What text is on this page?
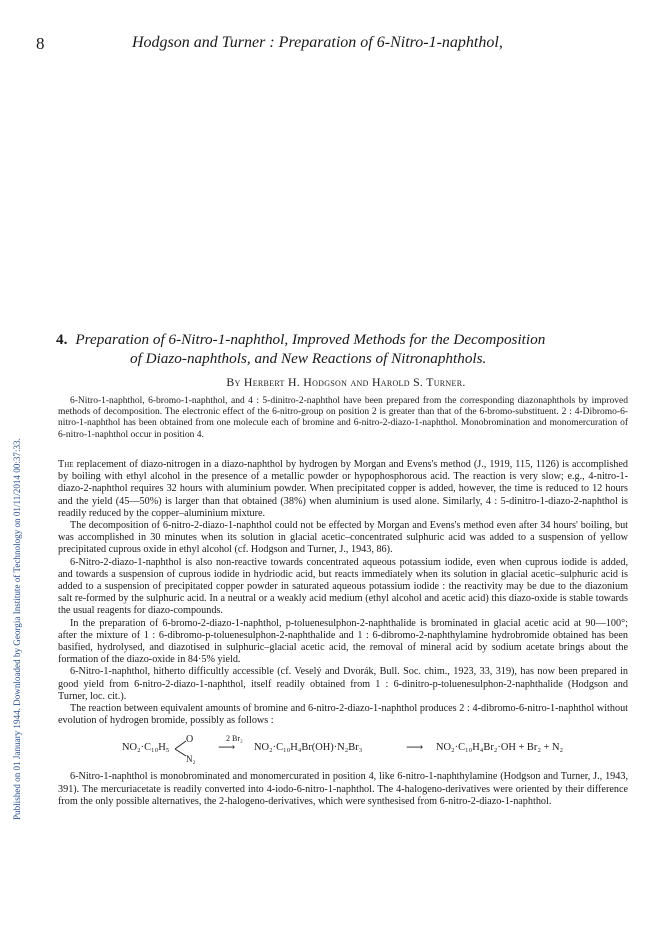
8	Hodgson and Turner : Preparation of 6-Nitro-1-naphthol,
Published on 01 January 1944. Downloaded by Georgia Institute of Technology on 01/11/2014 00:37:33.
4. Preparation of 6-Nitro-1-naphthol, Improved Methods for the Decomposition
of Diazo-naphthols, and New Reactions of Nitronaphthols.
By Herbert H. Hodgson and Harold S. Turner.

6-Nitro-1-naphthol, 6-bromo-1-naphthol, and 4 : 5-dinitro-2-naphthol have been prepared from the corresponding diazonaphthols by improved methods of decomposition. The electronic effect of the 6-nitro-group on position 2 is greater than that of the 6-bromo-substituent. 2 : 4-Dibromo-6-nitro-1-naphthol has been obtained from one molecule each of bromine and 6-nitro-2-diazo-1-naphthol. Monobromination and monomercuration of 6-nitro-1-naphthol occur in position 4.

The replacement of diazo-nitrogen in a diazo-naphthol by hydrogen by Morgan and Evens's method (J., 1919, 115, 1126) is accomplished by boiling with ethyl alcohol in the presence of a metallic powder or hypophosphorous acid. The reaction is very slow; e.g., 4-nitro-1-diazo-2-naphthol requires 32 hours with aluminium powder. When precipitated copper is added, however, the time is reduced to 12 hours and the yield (45—50%) is larger than that obtained (38%) when aluminium is used alone. Similarly, 4 : 5-dinitro-1-diazo-2-naphthol is readily reduced by the copper–aluminium mixture.

The decomposition of 6-nitro-2-diazo-1-naphthol could not be effected by Morgan and Evens's method even after 34 hours' boiling, but was accomplished in 30 minutes when its solution in glacial acetic–concentrated sulphuric acid was added to a suspension of yellow precipitated cuprous oxide in ethyl alcohol (cf. Hodgson and Turner, J., 1943, 86).

6-Nitro-2-diazo-1-naphthol is also non-reactive towards concentrated aqueous potassium iodide, even when cuprous iodide is added, and towards a suspension of cuprous iodide in hydriodic acid, but reacts immediately when its solution in glacial acetic–sulphuric acid is added to a suspension of precipitated copper powder in saturated aqueous potassium iodide : the reactivity may be due to the diazonium salt re-formed by the sulphuric acid. In a neutral or a weakly acid medium (ethyl alcohol and acetic acid) this diazo-oxide is stable towards the usual reagents for diazo-compounds.

In the preparation of 6-bromo-2-diazo-1-naphthol, p-toluenesulphon-2-naphthalide is brominated in glacial acetic acid at 90—100°; after the mixture of 1 : 6-dibromo-p-toluenesulphon-2-naphthalide and 1 : 6-dibromo-2-naphthylamine hydrobromide obtained has been basified, hydrolysed, and diazotised in sulphuric–glacial acetic acid, the removal of mineral acid by sodium acetate brings about the formation of the diazo-oxide in 84·5% yield.

6-Nitro-1-naphthol, hitherto difficultly accessible (cf. Veselý and Dvorák, Bull. Soc. chim., 1923, 33, 319), has now been prepared in good yield from 6-nitro-2-diazo-1-naphthol, itself readily obtained from 1 : 6-dinitro-p-toluenesulphon-2-naphthalide (Hodgson and Turner, loc. cit.).

The reaction between equivalent amounts of bromine and 6-nitro-2-diazo-1-naphthol produces 2 : 4-dibromo-6-nitro-1-naphthol without evolution of hydrogen bromide, possibly as follows :

NO₂·C₁₀H₅
O
N₂
2 Br₂
⟶ NO₂·C₁₀H₄Br(OH)·N₂Br₃	⟶ NO₂·C₁₀H₄Br₂·OH + Br₂ + N₂

6-Nitro-1-naphthol is monobrominated and monomercurated in position 4, like 6-nitro-1-naphthylamine (Hodgson and Turner, J., 1943, 391). The mercuriacetate is readily converted into 4-iodo-6-nitro-1-naphthol. The 4-halogeno-derivatives were oriented by their difference from the only possible alternatives, the 2-halogeno-derivatives, which were synthesised from 6-nitro-2-diazo-1-naphthol.
